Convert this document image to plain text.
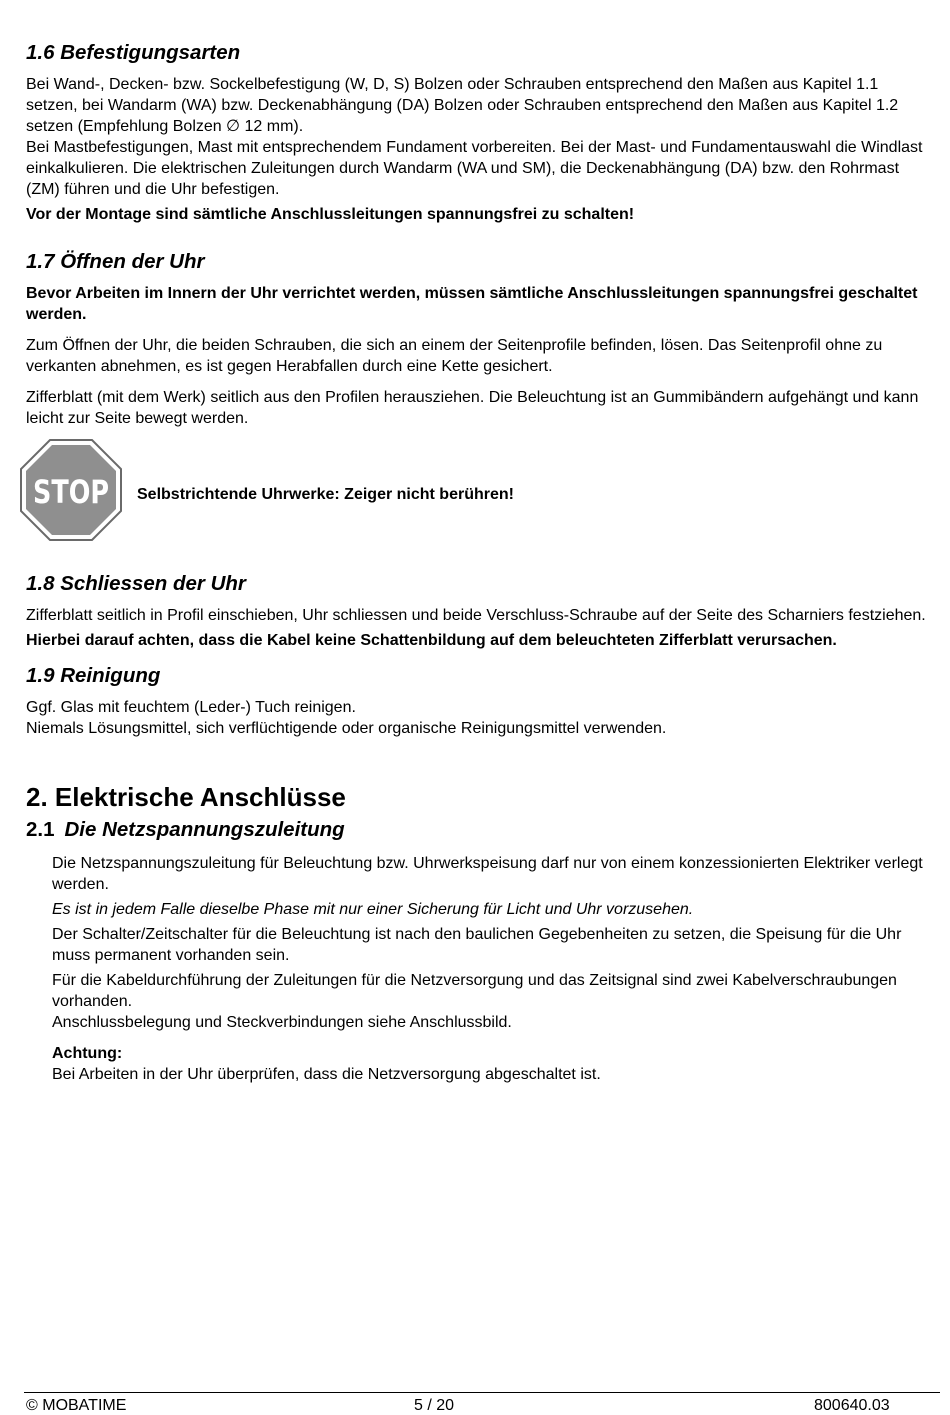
1.6 Befestigungsarten

Bei Wand-, Decken- bzw. Sockelbefestigung (W, D, S) Bolzen oder Schrauben entsprechend den Maßen aus Kapitel 1.1 setzen, bei Wandarm (WA) bzw. Deckenabhängung (DA) Bolzen oder Schrauben entsprechend den Maßen aus Kapitel 1.2 setzen (Empfehlung Bolzen ∅ 12 mm).

Bei Mastbefestigungen, Mast mit entsprechendem Fundament vorbereiten. Bei der Mast- und Fundamentauswahl die Windlast einkalkulieren. Die elektrischen Zuleitungen durch Wandarm (WA und SM), die Deckenabhängung (DA) bzw. den Rohrmast (ZM) führen und die Uhr befestigen.

Vor der Montage sind sämtliche Anschlussleitungen spannungsfrei zu schalten!

1.7 Öffnen der Uhr

Bevor Arbeiten im Innern der Uhr verrichtet werden, müssen sämtliche Anschlussleitungen spannungsfrei geschaltet werden.

Zum Öffnen der Uhr, die beiden Schrauben, die sich an einem der Seitenprofile befinden, lösen. Das Seitenprofil ohne zu verkanten abnehmen, es ist gegen Herabfallen durch eine Kette gesichert.

Zifferblatt (mit dem Werk) seitlich aus den Profilen herausziehen. Die Beleuchtung ist an Gummibändern aufgehängt und kann leicht zur Seite bewegt werden.

STOP Selbstrichtende Uhrwerke: Zeiger nicht berühren!

1.8 Schliessen der Uhr

Zifferblatt seitlich in Profil einschieben, Uhr schliessen und beide Verschluss-Schraube auf der Seite des Scharniers festziehen.

Hierbei darauf achten, dass die Kabel keine Schattenbildung auf dem beleuchteten Zifferblatt verursachen.

1.9 Reinigung

Ggf. Glas mit feuchtem (Leder-) Tuch reinigen.

Niemals Lösungsmittel, sich verflüchtigende oder organische Reinigungsmittel verwenden.

2. Elektrische Anschlüsse
2.1 Die Netzspannungszuleitung

Die Netzspannungszuleitung für Beleuchtung bzw. Uhrwerkspeisung darf nur von einem konzessionierten Elektriker verlegt werden.

Es ist in jedem Falle dieselbe Phase mit nur einer Sicherung für Licht und Uhr vorzusehen.

Der Schalter/Zeitschalter für die Beleuchtung ist nach den baulichen Gegebenheiten zu setzen, die Speisung für die Uhr muss permanent vorhanden sein.

Für die Kabeldurchführung der Zuleitungen für die Netzversorgung und das Zeitsignal sind zwei Kabelverschraubungen vorhanden.

Anschlussbelegung und Steckverbindungen siehe Anschlussbild.

Achtung:

Bei Arbeiten in der Uhr überprüfen, dass die Netzversorgung abgeschaltet ist.

© MOBATIME	5 / 20	800640.03
